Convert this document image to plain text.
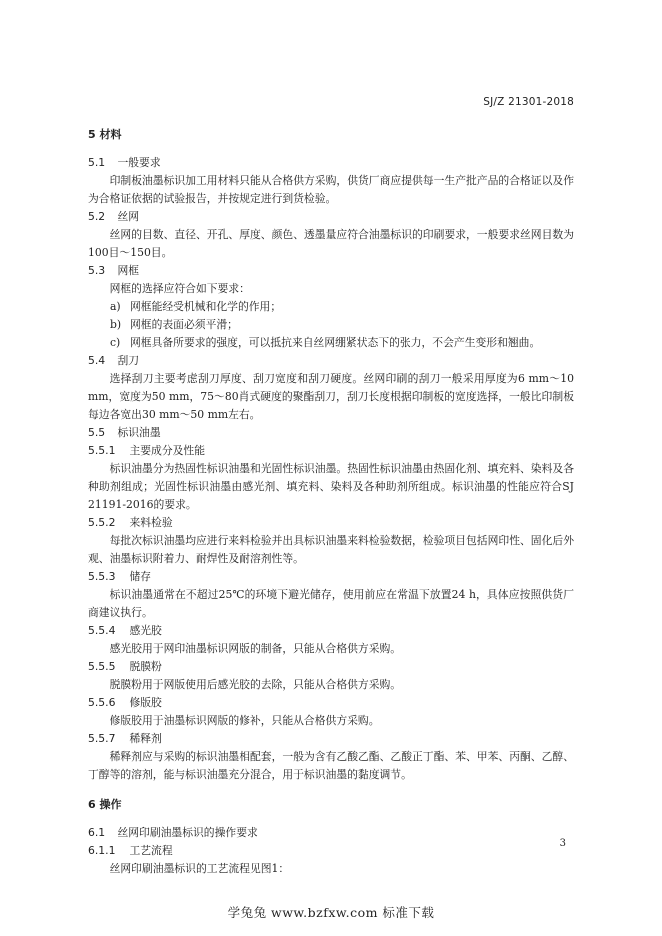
SJ/Z 21301-2018
5 材料
5.1 一般要求

印制板油墨标识加工用材料只能从合格供方采购，供货厂商应提供每一生产批产品的合格证以及作为合格证依据的试验报告，并按规定进行到货检验。

5.2 丝网

丝网的目数、直径、开孔、厚度、颜色、透墨量应符合油墨标识的印刷要求，一般要求丝网目数为100目～150目。

5.3 网框

网框的选择应符合如下要求：

a) 网框能经受机械和化学的作用；
b) 网框的表面必须平滑；
c) 网框具备所要求的强度，可以抵抗来自丝网绷紧状态下的张力，不会产生变形和翘曲。
5.4 刮刀

选择刮刀主要考虑刮刀厚度、刮刀宽度和刮刀硬度。丝网印刷的刮刀一般采用厚度为6 mm～10 mm，宽度为50 mm，75～80肖式硬度的聚酯刮刀，刮刀长度根据印制板的宽度选择，一般比印制板每边各宽出30 mm～50 mm左右。

5.5 标识油墨
5.5.1 主要成分及性能

标识油墨分为热固性标识油墨和光固性标识油墨。热固性标识油墨由热固化剂、填充料、染料及各种助剂组成；光固性标识油墨由感光剂、填充料、染料及各种助剂所组成。标识油墨的性能应符合SJ 21191-2016的要求。

5.5.2 来料检验

每批次标识油墨均应进行来料检验并出具标识油墨来料检验数据，检验项目包括网印性、固化后外观、油墨标识附着力、耐焊性及耐溶剂性等。

5.5.3 储存

标识油墨通常在不超过25℃的环境下避光储存，使用前应在常温下放置24 h，具体应按照供货厂商建议执行。

5.5.4 感光胶

感光胶用于网印油墨标识网版的制备，只能从合格供方采购。

5.5.5 脱膜粉

脱膜粉用于网版使用后感光胶的去除，只能从合格供方采购。

5.5.6 修版胶

修版胶用于油墨标识网版的修补，只能从合格供方采购。

5.5.7 稀释剂

稀释剂应与采购的标识油墨相配套，一般为含有乙酸乙酯、乙酸正丁酯、苯、甲苯、丙酮、乙醇、丁醇等的溶剂，能与标识油墨充分混合，用于标识油墨的黏度调节。

6 操作
6.1 丝网印刷油墨标识的操作要求
6.1.1 工艺流程

丝网印刷油墨标识的工艺流程见图1：

3
学兔兔 www.bzfxw.com 标准下载
